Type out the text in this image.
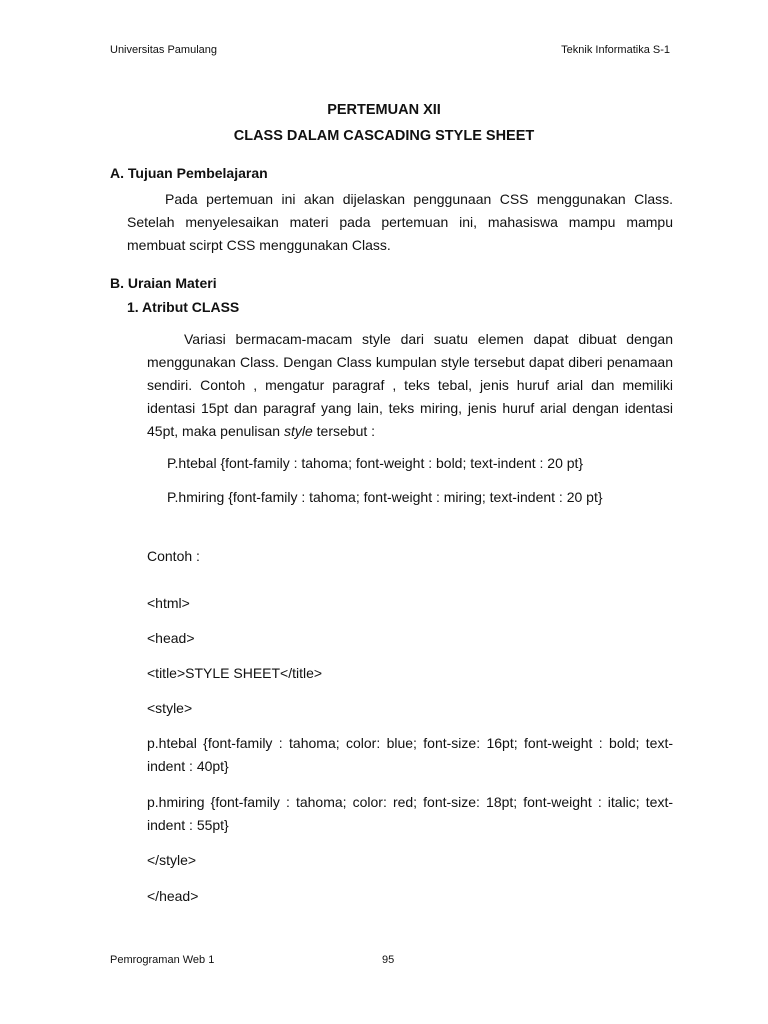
Universitas Pamulang	Teknik Informatika S-1
PERTEMUAN XII
CLASS DALAM CASCADING STYLE SHEET
A. Tujuan Pembelajaran
Pada pertemuan ini akan dijelaskan penggunaan CSS menggunakan Class. Setelah menyelesaikan materi pada pertemuan ini, mahasiswa mampu mampu membuat scirpt CSS menggunakan Class.
B. Uraian Materi
1. Atribut CLASS
Variasi bermacam-macam style dari suatu elemen dapat dibuat dengan menggunakan Class. Dengan Class kumpulan style tersebut dapat diberi penamaan sendiri. Contoh , mengatur paragraf , teks tebal, jenis huruf arial dan memiliki identasi 15pt dan paragraf yang lain, teks miring, jenis huruf arial dengan identasi 45pt, maka penulisan style tersebut :
P.htebal {font-family : tahoma; font-weight : bold; text-indent : 20 pt}
P.hmiring {font-family : tahoma; font-weight : miring; text-indent : 20 pt}
Contoh :
<html>
<head>
<title>STYLE SHEET</title>
<style>
p.htebal {font-family : tahoma; color: blue; font-size: 16pt; font-weight : bold; text-indent : 40pt}
p.hmiring {font-family : tahoma; color: red; font-size: 18pt; font-weight : italic; text-indent : 55pt}
</style>
</head>
Pemrograman Web 1	95
